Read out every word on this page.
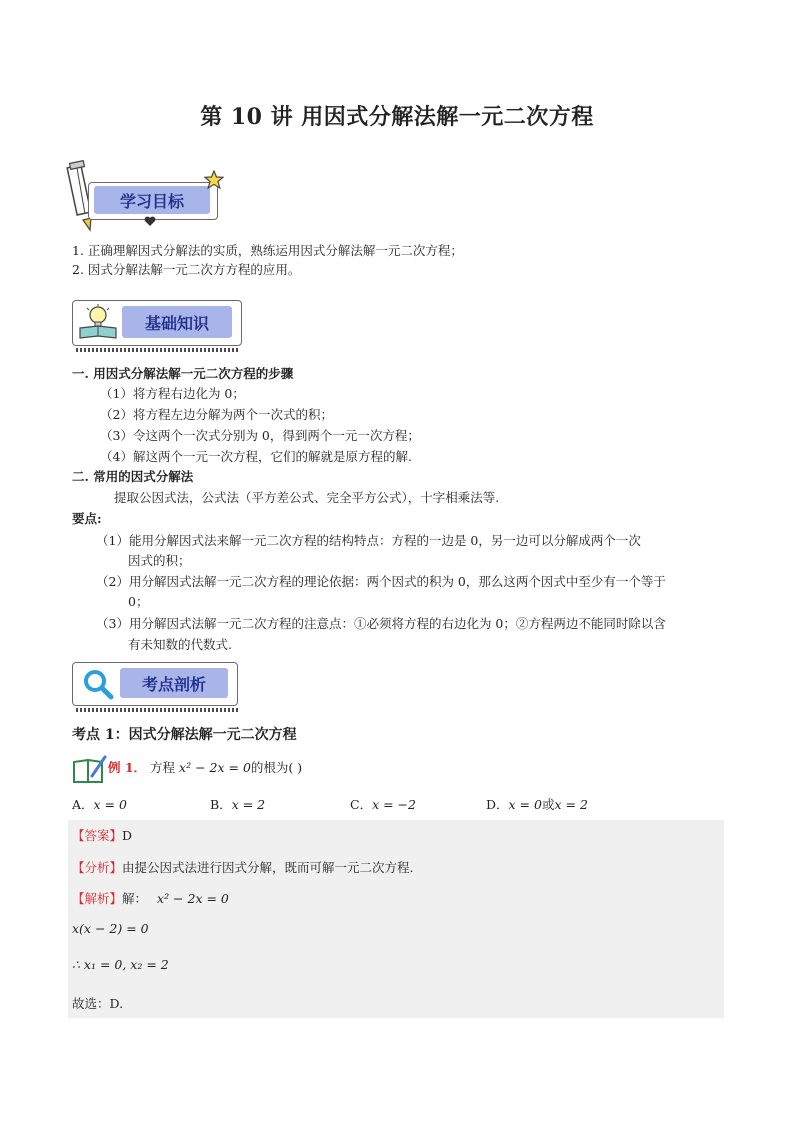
第 10 讲 用因式分解法解一元二次方程
学习目标
1. 正确理解因式分解法的实质，熟练运用因式分解法解一元二次方程；
2. 因式分解法解一元二次方方程的应用。
基础知识
一. 用因式分解法解一元二次方程的步骤
（1）将方程右边化为 0；
（2）将方程左边分解为两个一次式的积；
（3）令这两个一次式分别为 0，得到两个一元一次方程；
（4）解这两个一元一次方程，它们的解就是原方程的解.
二. 常用的因式分解法
提取公因式法，公式法（平方差公式、完全平方公式），十字相乘法等.
要点:
（1）能用分解因式法来解一元二次方程的结构特点：方程的一边是 0，另一边可以分解成两个一次
因式的积；
（2）用分解因式法解一元二次方程的理论依据：两个因式的积为 0，那么这两个因式中至少有一个等于
0；
（3）用分解因式法解一元二次方程的注意点：①必须将方程的右边化为 0；②方程两边不能同时除以含
有未知数的代数式.
考点剖析
考点 1：因式分解法解一元二次方程
例 1． 方程 x² − 2x = 0的根为( )
A．x = 0	B．x = 2	C．x = −2	D．x = 0或x = 2
【答案】D
【分析】由提公因式法进行因式分解，既而可解一元二次方程.
【解析】解： x² − 2x = 0
x(x − 2) = 0
∴ x₁ = 0, x₂ = 2
故选：D.
